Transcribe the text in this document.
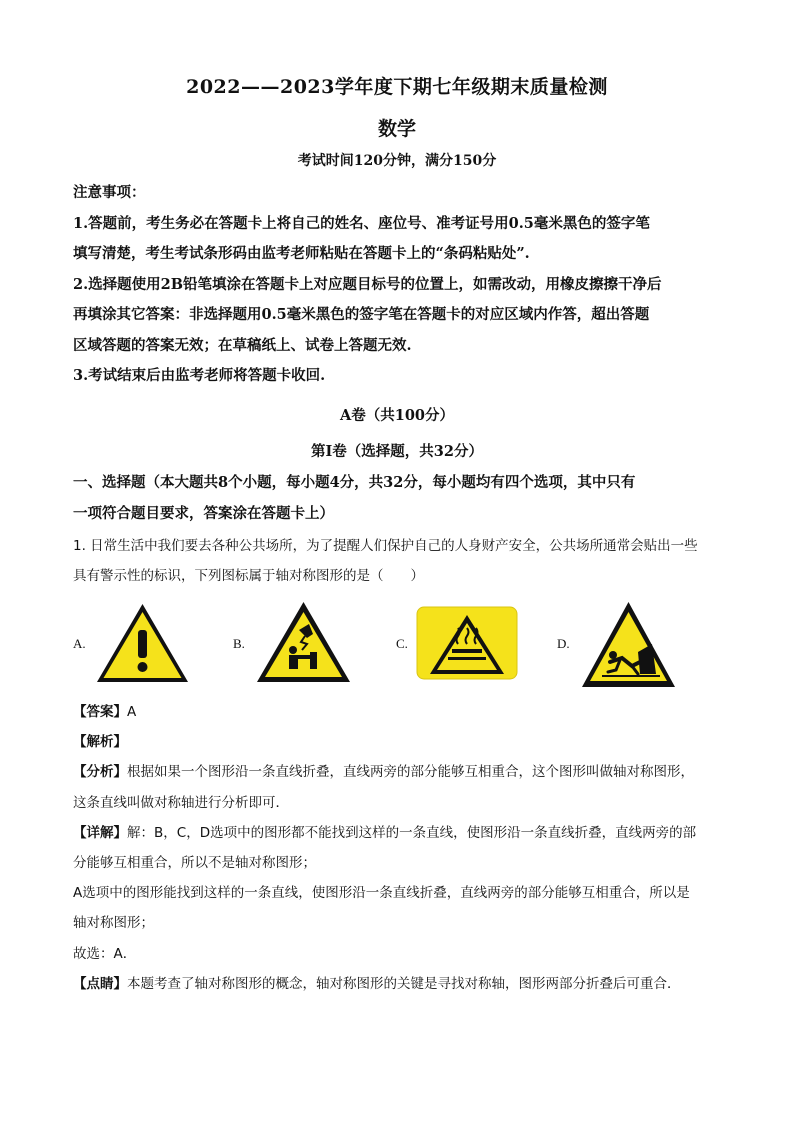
2022——2023学年度下期七年级期末质量检测
数学
考试时间120分钟，满分150分

注意事项：

1.答题前，考生务必在答题卡上将自己的姓名、座位号、准考证号用0.5毫米黑色的签字笔

填写清楚，考生考试条形码由监考老师粘贴在答题卡上的“条码粘贴处”.

2.选择题使用2B铅笔填涂在答题卡上对应题目标号的位置上，如需改动，用橡皮擦擦干净后

再填涂其它答案：非选择题用0.5毫米黑色的签字笔在答题卡的对应区域内作答，超出答题

区域答题的答案无效；在草稿纸上、试卷上答题无效.

3.考试结束后由监考老师将答题卡收回.

A卷（共100分）
第I卷（选择题，共32分）

一、选择题（本大题共8个小题，每小题4分，共32分，每小题均有四个选项，其中只有

一项符合题目要求，答案涂在答题卡上）

1. 日常生活中我们要去各种公共场所，为了提醒人们保护自己的人身财产安全，公共场所通常会贴出一些

具有警示性的标识，下列图标属于轴对称图形的是（　　）

A.	B.	C.	D.

【答案】A

【解析】

【分析】根据如果一个图形沿一条直线折叠，直线两旁的部分能够互相重合，这个图形叫做轴对称图形，

这条直线叫做对称轴进行分析即可．

【详解】解：B，C，D选项中的图形都不能找到这样的一条直线，使图形沿一条直线折叠，直线两旁的部

分能够互相重合，所以不是轴对称图形；

A选项中的图形能找到这样的一条直线，使图形沿一条直线折叠，直线两旁的部分能够互相重合，所以是

轴对称图形；

故选：A．

【点睛】本题考查了轴对称图形的概念，轴对称图形的关键是寻找对称轴，图形两部分折叠后可重合．
